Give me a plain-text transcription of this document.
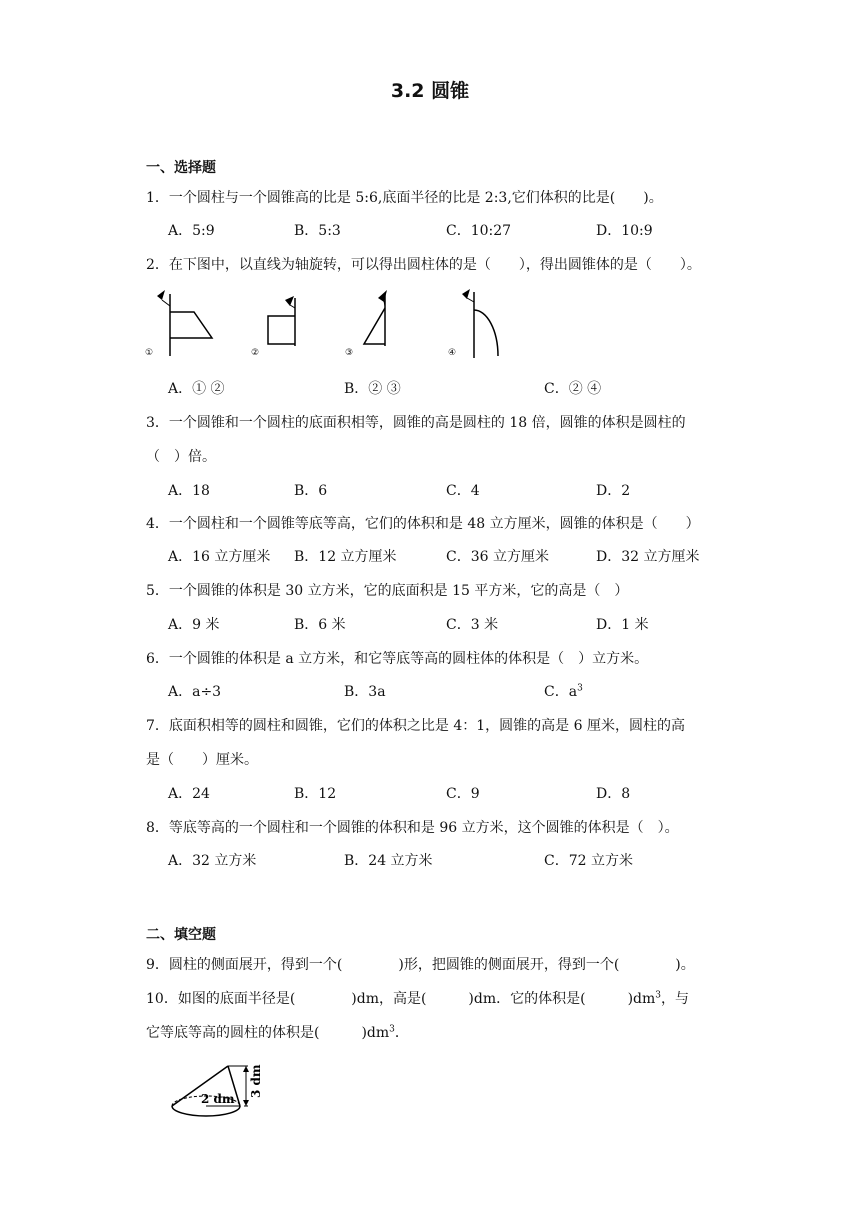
3.2 圆锥
一、选择题
1．一个圆柱与一个圆锥高的比是 5:6,底面半径的比是 2:3,它们体积的比是(　　)。
A．5:9	B．5:3	C．10:27	D．10:9
2．在下图中，以直线为轴旋转，可以得出圆柱体的是（　　），得出圆锥体的是（　　）。
①	②	③	④
A．① ②	B．② ③	C．② ④
3．一个圆锥和一个圆柱的底面积相等，圆锥的高是圆柱的 18 倍，圆锥的体积是圆柱的
（　）倍。
A．18	B．6	C．4	D．2
4．一个圆柱和一个圆锥等底等高，它们的体积和是 48 立方厘米，圆锥的体积是（　　）
A．16 立方厘米 B．12 立方厘米	C．36 立方厘米	D．32 立方厘米
5．一个圆锥的体积是 30 立方米，它的底面积是 15 平方米，它的高是（　）
A．9 米	B．6 米	C．3 米	D．1 米
6．一个圆锥的体积是 a 立方米，和它等底等高的圆柱体的体积是（　）立方米。
A．a÷3	B．3a	C．$a^3$
7．底面积相等的圆柱和圆锥，它们的体积之比是 4：1，圆锥的高是 6 厘米，圆柱的高
是（　　）厘米。
A．24	B．12	C．9	D．8
8．等底等高的一个圆柱和一个圆锥的体积和是 96 立方米，这个圆锥的体积是（　）。
A．32 立方米	B．24 立方米	C．72 立方米
二、填空题
9．圆柱的侧面展开，得到一个(　　　　)形，把圆锥的侧面展开，得到一个(　　　　)。
10．如图的底面半径是(　　　　)dm，高是(　　　)dm．它的体积是(　　　)$dm^3$，与
它等底等高的圆柱的体积是(　　　)$dm^3$．
2 dm
3 dm
